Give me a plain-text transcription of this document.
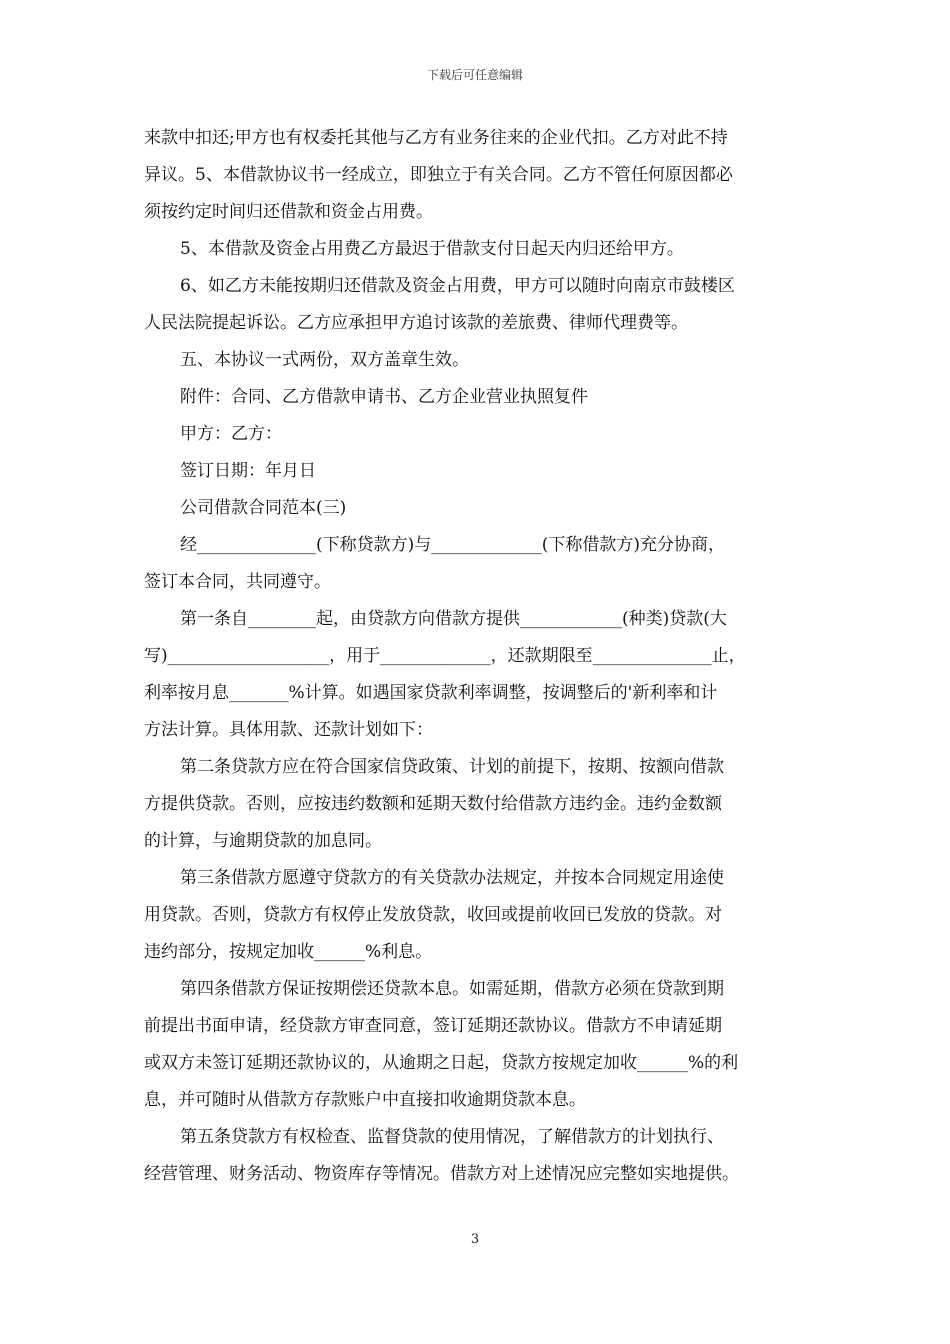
下载后可任意编辑

来款中扣还;甲方也有权委托其他与乙方有业务往来的企业代扣。乙方对此不持

异议。5、本借款协议书一经成立，即独立于有关合同。乙方不管任何原因都必

须按约定时间归还借款和资金占用费。

5、本借款及资金占用费乙方最迟于借款支付日起天内归还给甲方。

6、如乙方未能按期归还借款及资金占用费，甲方可以随时向南京市鼓楼区

人民法院提起诉讼。乙方应承担甲方追讨该款的差旅费、律师代理费等。

五、本协议一式两份，双方盖章生效。

附件：合同、乙方借款申请书、乙方企业营业执照复件

甲方：乙方：

签订日期：年月日

公司借款合同范本(三)

经______________(下称贷款方)与_____________(下称借款方)充分协商，

签订本合同，共同遵守。

第一条自________起，由贷款方向借款方提供____________(种类)贷款(大

写)___________________，用于_____________，还款期限至______________止，

利率按月息_______%计算。如遇国家贷款利率调整，按调整后的'新利率和计

方法计算。具体用款、还款计划如下：

第二条贷款方应在符合国家信贷政策、计划的前提下，按期、按额向借款

方提供贷款。否则，应按违约数额和延期天数付给借款方违约金。违约金数额

的计算，与逾期贷款的加息同。

第三条借款方愿遵守贷款方的有关贷款办法规定，并按本合同规定用途使

用贷款。否则，贷款方有权停止发放贷款，收回或提前收回已发放的贷款。对

违约部分，按规定加收______%利息。

第四条借款方保证按期偿还贷款本息。如需延期，借款方必须在贷款到期

前提出书面申请，经贷款方审查同意，签订延期还款协议。借款方不申请延期

或双方未签订延期还款协议的，从逾期之日起，贷款方按规定加收______%的利

息，并可随时从借款方存款账户中直接扣收逾期贷款本息。

第五条贷款方有权检查、监督贷款的使用情况，了解借款方的计划执行、

经营管理、财务活动、物资库存等情况。借款方对上述情况应完整如实地提供。

3
